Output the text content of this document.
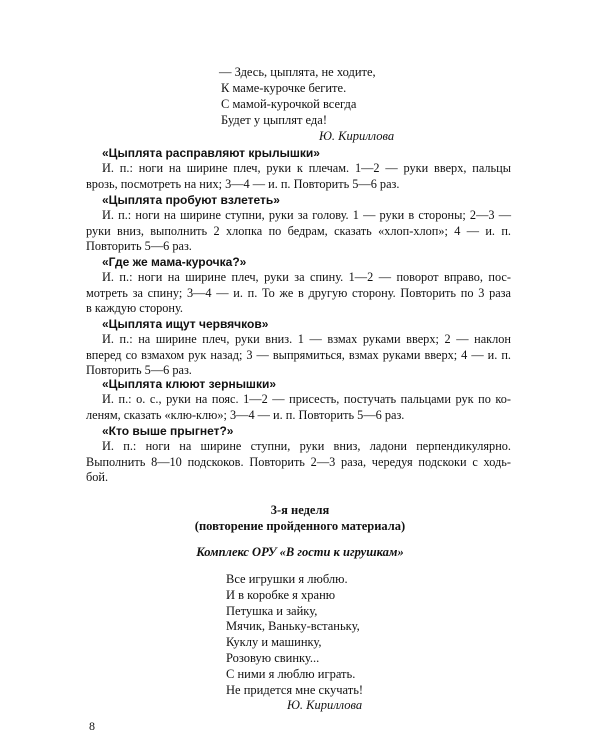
— Здесь, цыплята, не ходите,
К маме-курочке бегите.
С мамой-курочкой всегда
Будет у цыплят еда!
Ю. Кириллова
«Цыплята расправляют крылышки»
И. п.: ноги на ширине плеч, руки к плечам. 1—2 — руки вверх, пальцы
врозь, посмотреть на них; 3—4 — и. п. Повторить 5—6 раз.
«Цыплята пробуют взлететь»
И. п.: ноги на ширине ступни, руки за голову. 1 — руки в стороны; 2—3 —
руки вниз, выполнить 2 хлопка по бедрам, сказать «хлоп-хлоп»; 4 — и. п.
Повторить 5—6 раз.
«Где же мама-курочка?»
И. п.: ноги на ширине плеч, руки за спину. 1—2 — поворот вправо, пос-
мотреть за спину; 3—4 — и. п. То же в другую сторону. Повторить по 3 раза
в каждую сторону.
«Цыплята ищут червячков»
И. п.: на ширине плеч, руки вниз. 1 — взмах руками вверх; 2 — наклон
вперед со взмахом рук назад; 3 — выпрямиться, взмах руками вверх; 4 — и. п.
Повторить 5—6 раз.
«Цыплята клюют зернышки»
И. п.: о. с., руки на пояс. 1—2 — присесть, постучать пальцами рук по ко-
леням, сказать «клю-клю»; 3—4 — и. п. Повторить 5—6 раз.
«Кто выше прыгнет?»
И. п.: ноги на ширине ступни, руки вниз, ладони перпендикулярно.
Выполнить 8—10 подскоков. Повторить 2—3 раза, чередуя подскоки с ходь-
бой.
3-я неделя
(повторение пройденного материала)
Комплекс ОРУ «В гости к игрушкам»
Все игрушки я люблю.
И в коробке я храню
Петушка и зайку,
Мячик, Ваньку-встаньку,
Куклу и машинку,
Розовую свинку...
С ними я люблю играть.
Не придется мне скучать!
Ю. Кириллова
8
